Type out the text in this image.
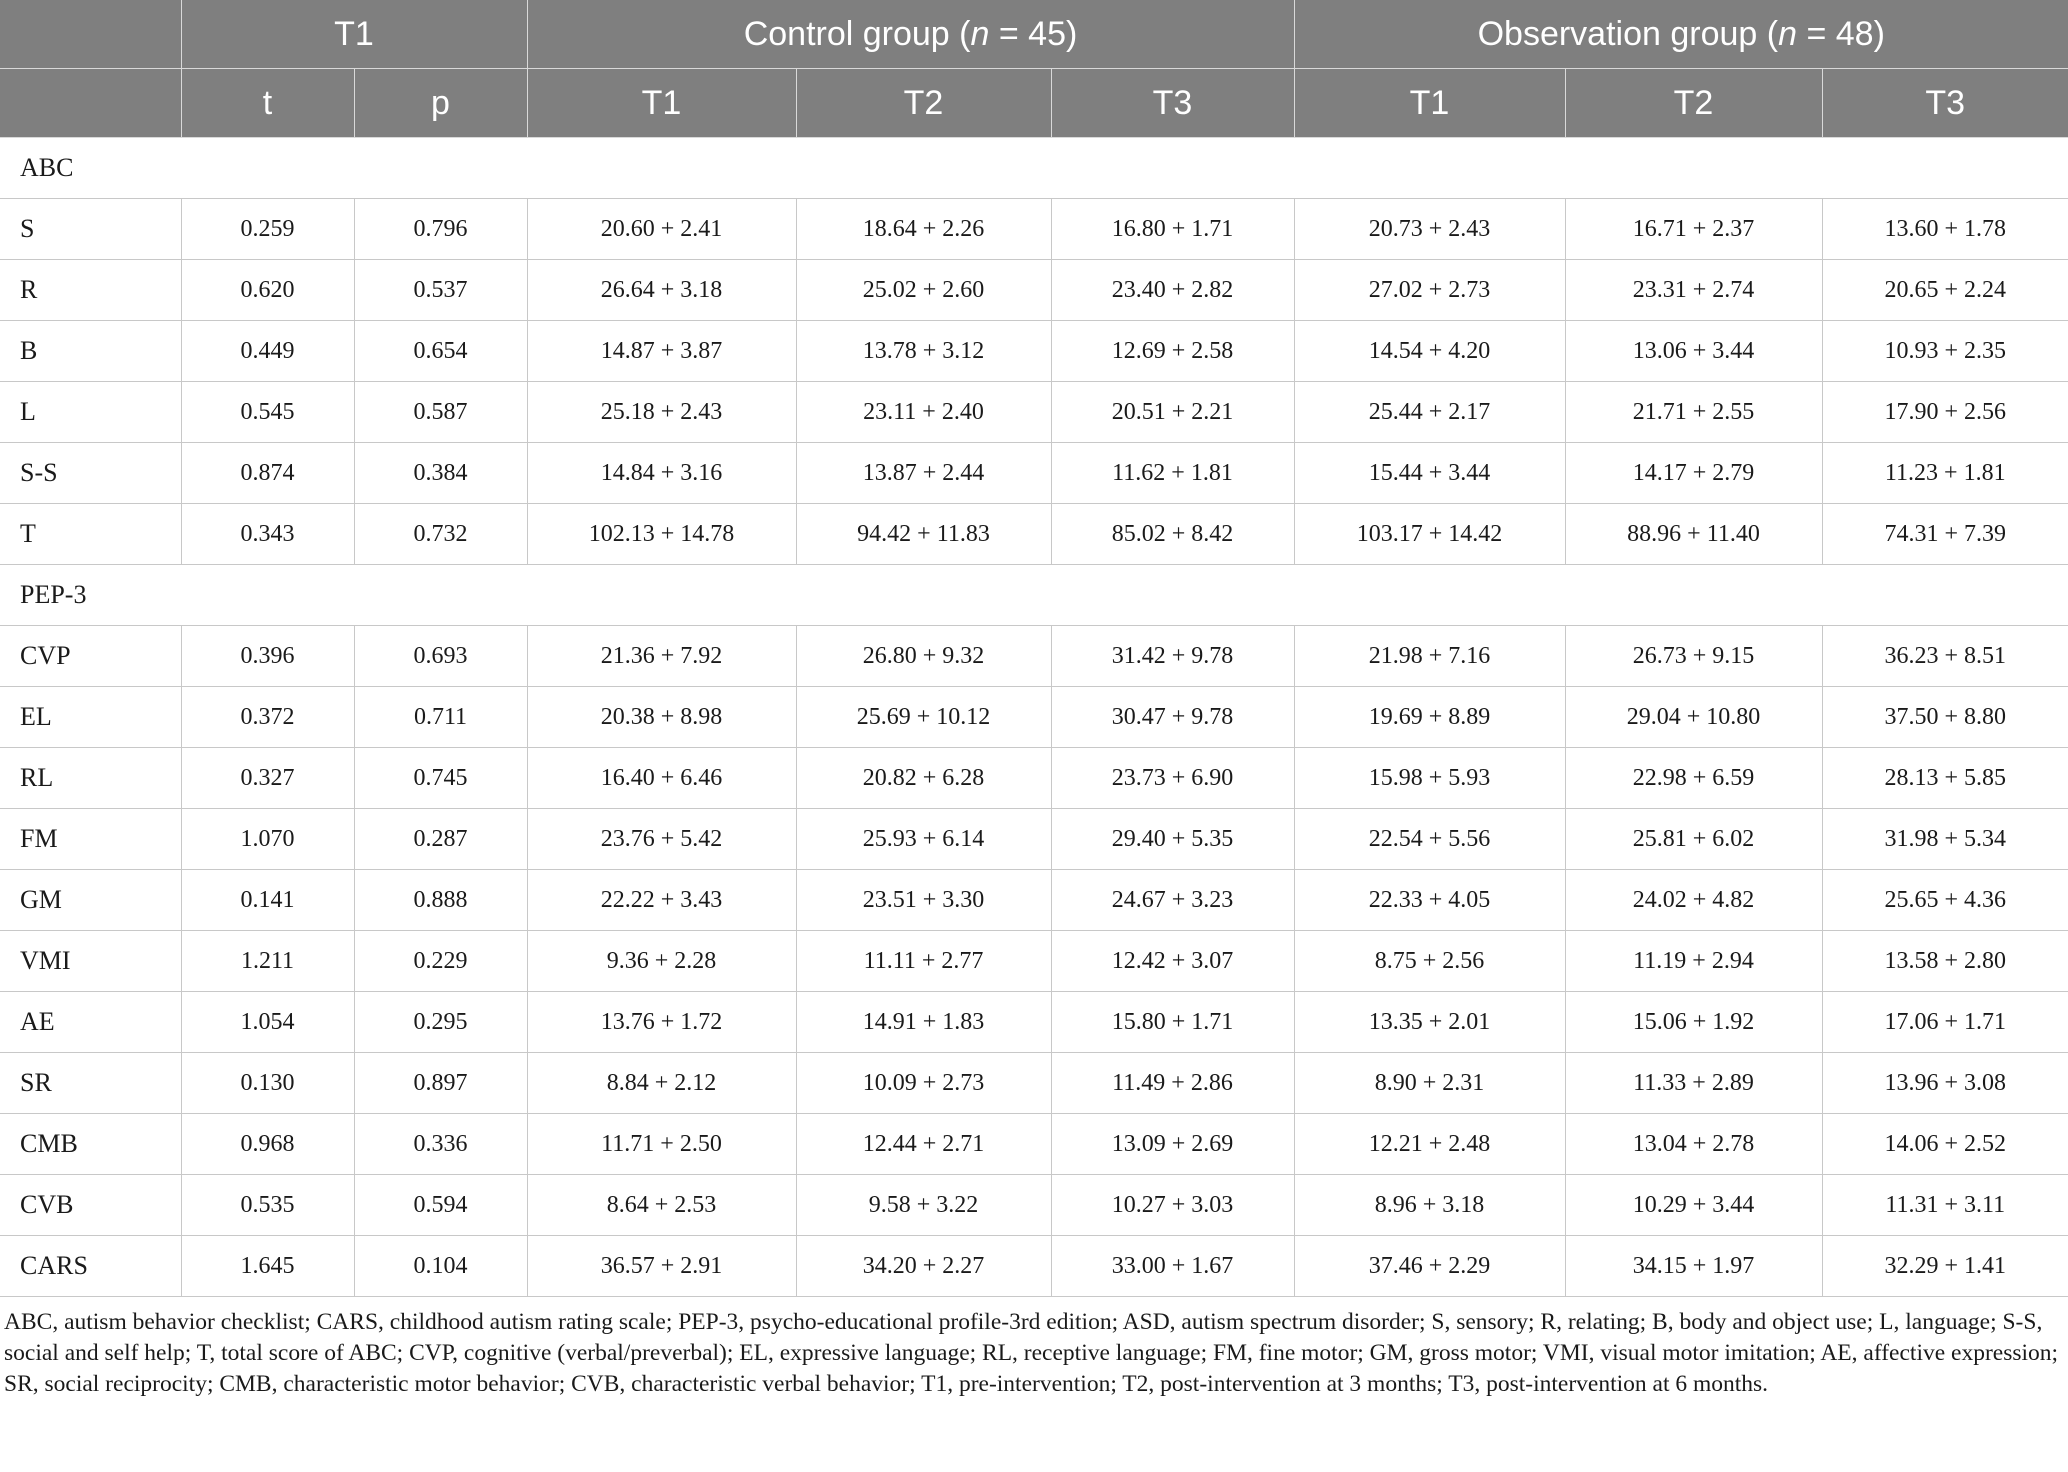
	T1		Control group (n = 45)			Observation group (n = 48)		
	t	p	T1	T2	T3	T1	T2	T3
ABC								
S	0.259	0.796	20.60 + 2.41	18.64 + 2.26	16.80 + 1.71	20.73 + 2.43	16.71 + 2.37	13.60 + 1.78
R	0.620	0.537	26.64 + 3.18	25.02 + 2.60	23.40 + 2.82	27.02 + 2.73	23.31 + 2.74	20.65 + 2.24
B	0.449	0.654	14.87 + 3.87	13.78 + 3.12	12.69 + 2.58	14.54 + 4.20	13.06 + 3.44	10.93 + 2.35
L	0.545	0.587	25.18 + 2.43	23.11 + 2.40	20.51 + 2.21	25.44 + 2.17	21.71 + 2.55	17.90 + 2.56
S-S	0.874	0.384	14.84 + 3.16	13.87 + 2.44	11.62 + 1.81	15.44 + 3.44	14.17 + 2.79	11.23 + 1.81
T	0.343	0.732	102.13 + 14.78	94.42 + 11.83	85.02 + 8.42	103.17 + 14.42	88.96 + 11.40	74.31 + 7.39
PEP-3								
CVP	0.396	0.693	21.36 + 7.92	26.80 + 9.32	31.42 + 9.78	21.98 + 7.16	26.73 + 9.15	36.23 + 8.51
EL	0.372	0.711	20.38 + 8.98	25.69 + 10.12	30.47 + 9.78	19.69 + 8.89	29.04 + 10.80	37.50 + 8.80
RL	0.327	0.745	16.40 + 6.46	20.82 + 6.28	23.73 + 6.90	15.98 + 5.93	22.98 + 6.59	28.13 + 5.85
FM	1.070	0.287	23.76 + 5.42	25.93 + 6.14	29.40 + 5.35	22.54 + 5.56	25.81 + 6.02	31.98 + 5.34
GM	0.141	0.888	22.22 + 3.43	23.51 + 3.30	24.67 + 3.23	22.33 + 4.05	24.02 + 4.82	25.65 + 4.36
VMI	1.211	0.229	9.36 + 2.28	11.11 + 2.77	12.42 + 3.07	8.75 + 2.56	11.19 + 2.94	13.58 + 2.80
AE	1.054	0.295	13.76 + 1.72	14.91 + 1.83	15.80 + 1.71	13.35 + 2.01	15.06 + 1.92	17.06 + 1.71
SR	0.130	0.897	8.84 + 2.12	10.09 + 2.73	11.49 + 2.86	8.90 + 2.31	11.33 + 2.89	13.96 + 3.08
CMB	0.968	0.336	11.71 + 2.50	12.44 + 2.71	13.09 + 2.69	12.21 + 2.48	13.04 + 2.78	14.06 + 2.52
CVB	0.535	0.594	8.64 + 2.53	9.58 + 3.22	10.27 + 3.03	8.96 + 3.18	10.29 + 3.44	11.31 + 3.11
CARS	1.645	0.104	36.57 + 2.91	34.20 + 2.27	33.00 + 1.67	37.46 + 2.29	34.15 + 1.97	32.29 + 1.41

ABC, autism behavior checklist; CARS, childhood autism rating scale; PEP-3, psycho-educational profile-3rd edition; ASD, autism spectrum disorder; S, sensory; R, relating; B, body and object use; L, language; S-S, social and self help; T, total score of ABC; CVP, cognitive (verbal/preverbal); EL, expressive language; RL, receptive language; FM, fine motor; GM, gross motor; VMI, visual motor imitation; AE, affective expression; SR, social reciprocity; CMB, characteristic motor behavior; CVB, characteristic verbal behavior; T1, pre-intervention; T2, post-intervention at 3 months; T3, post-intervention at 6 months.
